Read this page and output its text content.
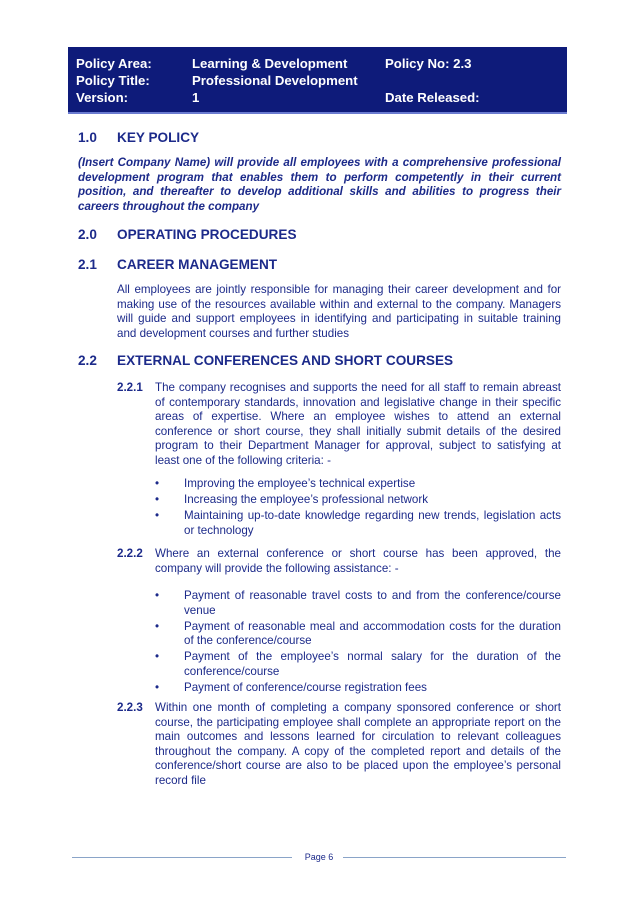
Policy Area:	Learning & Development	Policy No: 2.3
Policy Title:	Professional Development
Version:	1	Date Released:
1.0 KEY POLICY
(Insert Company Name) will provide all employees with a comprehensive professional development program that enables them to perform competently in their current position, and thereafter to develop additional skills and abilities to progress their careers throughout the company
2.0 OPERATING PROCEDURES
2.1 CAREER MANAGEMENT
All employees are jointly responsible for managing their career development and for making use of the resources available within and external to the company. Managers will guide and support employees in identifying and participating in suitable training and development courses and further studies
2.2 EXTERNAL CONFERENCES AND SHORT COURSES
2.2.1 The company recognises and supports the need for all staff to remain abreast of contemporary standards, innovation and legislative change in their specific areas of expertise. Where an employee wishes to attend an external conference or short course, they shall initially submit details of the desired program to their Department Manager for approval, subject to satisfying at least one of the following criteria: -
• Improving the employee’s technical expertise
• Increasing the employee’s professional network
• Maintaining up-to-date knowledge regarding new trends, legislation acts or technology
2.2.2 Where an external conference or short course has been approved, the company will provide the following assistance: -
• Payment of reasonable travel costs to and from the conference/course venue
• Payment of reasonable meal and accommodation costs for the duration of the conference/course
• Payment of the employee’s normal salary for the duration of the conference/course
• Payment of conference/course registration fees
2.2.3 Within one month of completing a company sponsored conference or short course, the participating employee shall complete an appropriate report on the main outcomes and lessons learned for circulation to relevant colleagues throughout the company. A copy of the completed report and details of the conference/short course are also to be placed upon the employee’s personal record file
Page 6
